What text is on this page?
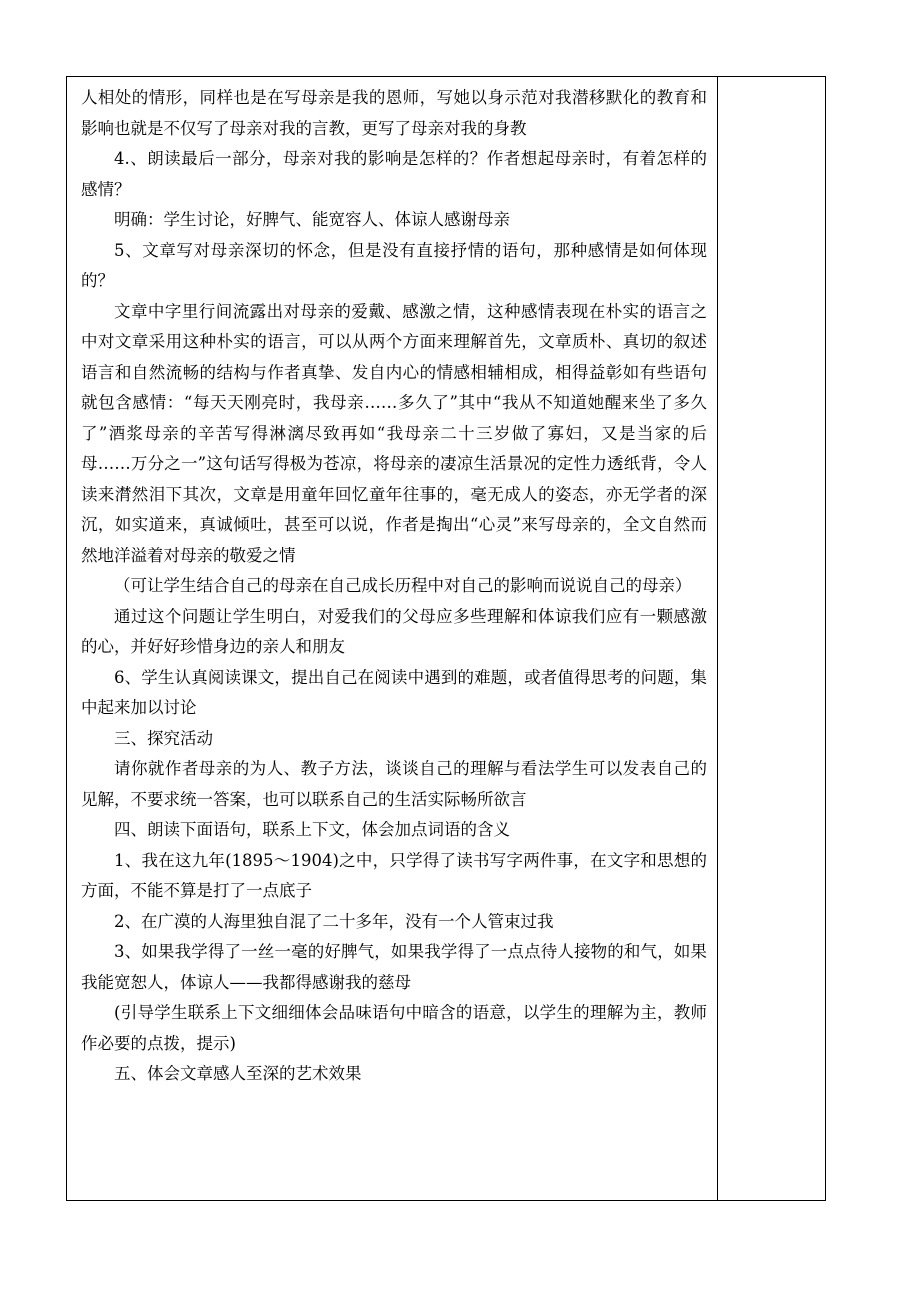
人相处的情形，同样也是在写母亲是我的恩师，写她以身示范对我潜移默化的教育和影响也就是不仅写了母亲对我的言教，更写了母亲对我的身教

4.、朗读最后一部分，母亲对我的影响是怎样的？作者想起母亲时，有着怎样的感情？

明确：学生讨论，好脾气、能宽容人、体谅人感谢母亲

5、文章写对母亲深切的怀念，但是没有直接抒情的语句，那种感情是如何体现的？

文章中字里行间流露出对母亲的爱戴、感激之情，这种感情表现在朴实的语言之中对文章采用这种朴实的语言，可以从两个方面来理解首先，文章质朴、真切的叙述语言和自然流畅的结构与作者真挚、发自内心的情感相辅相成，相得益彰如有些语句就包含感情：“每天天刚亮时，我母亲……多久了”其中“我从不知道她醒来坐了多久了”酒浆母亲的辛苦写得淋漓尽致再如“我母亲二十三岁做了寡妇，又是当家的后母……万分之一”这句话写得极为苍凉，将母亲的凄凉生活景况的定性力透纸背，令人读来潸然泪下其次，文章是用童年回忆童年往事的，毫无成人的姿态，亦无学者的深沉，如实道来，真诚倾吐，甚至可以说，作者是掏出“心灵”来写母亲的，全文自然而然地洋溢着对母亲的敬爱之情

（可让学生结合自己的母亲在自己成长历程中对自己的影响而说说自己的母亲）

通过这个问题让学生明白，对爱我们的父母应多些理解和体谅我们应有一颗感激的心，并好好珍惜身边的亲人和朋友

6、学生认真阅读课文，提出自己在阅读中遇到的难题，或者值得思考的问题，集中起来加以讨论

三、探究活动

请你就作者母亲的为人、教子方法，谈谈自己的理解与看法学生可以发表自己的见解，不要求统一答案，也可以联系自己的生活实际畅所欲言

四、朗读下面语句，联系上下文，体会加点词语的含义

1、我在这九年(1895～1904)之中，只学得了读书写字两件事，在文字和思想的方面，不能不算是打了一点底子

2、在广漠的人海里独自混了二十多年，没有一个人管束过我

3、如果我学得了一丝一毫的好脾气，如果我学得了一点点待人接物的和气，如果我能宽恕人，体谅人——我都得感谢我的慈母

(引导学生联系上下文细细体会品味语句中暗含的语意，以学生的理解为主，教师作必要的点拨，提示)

五、体会文章感人至深的艺术效果
